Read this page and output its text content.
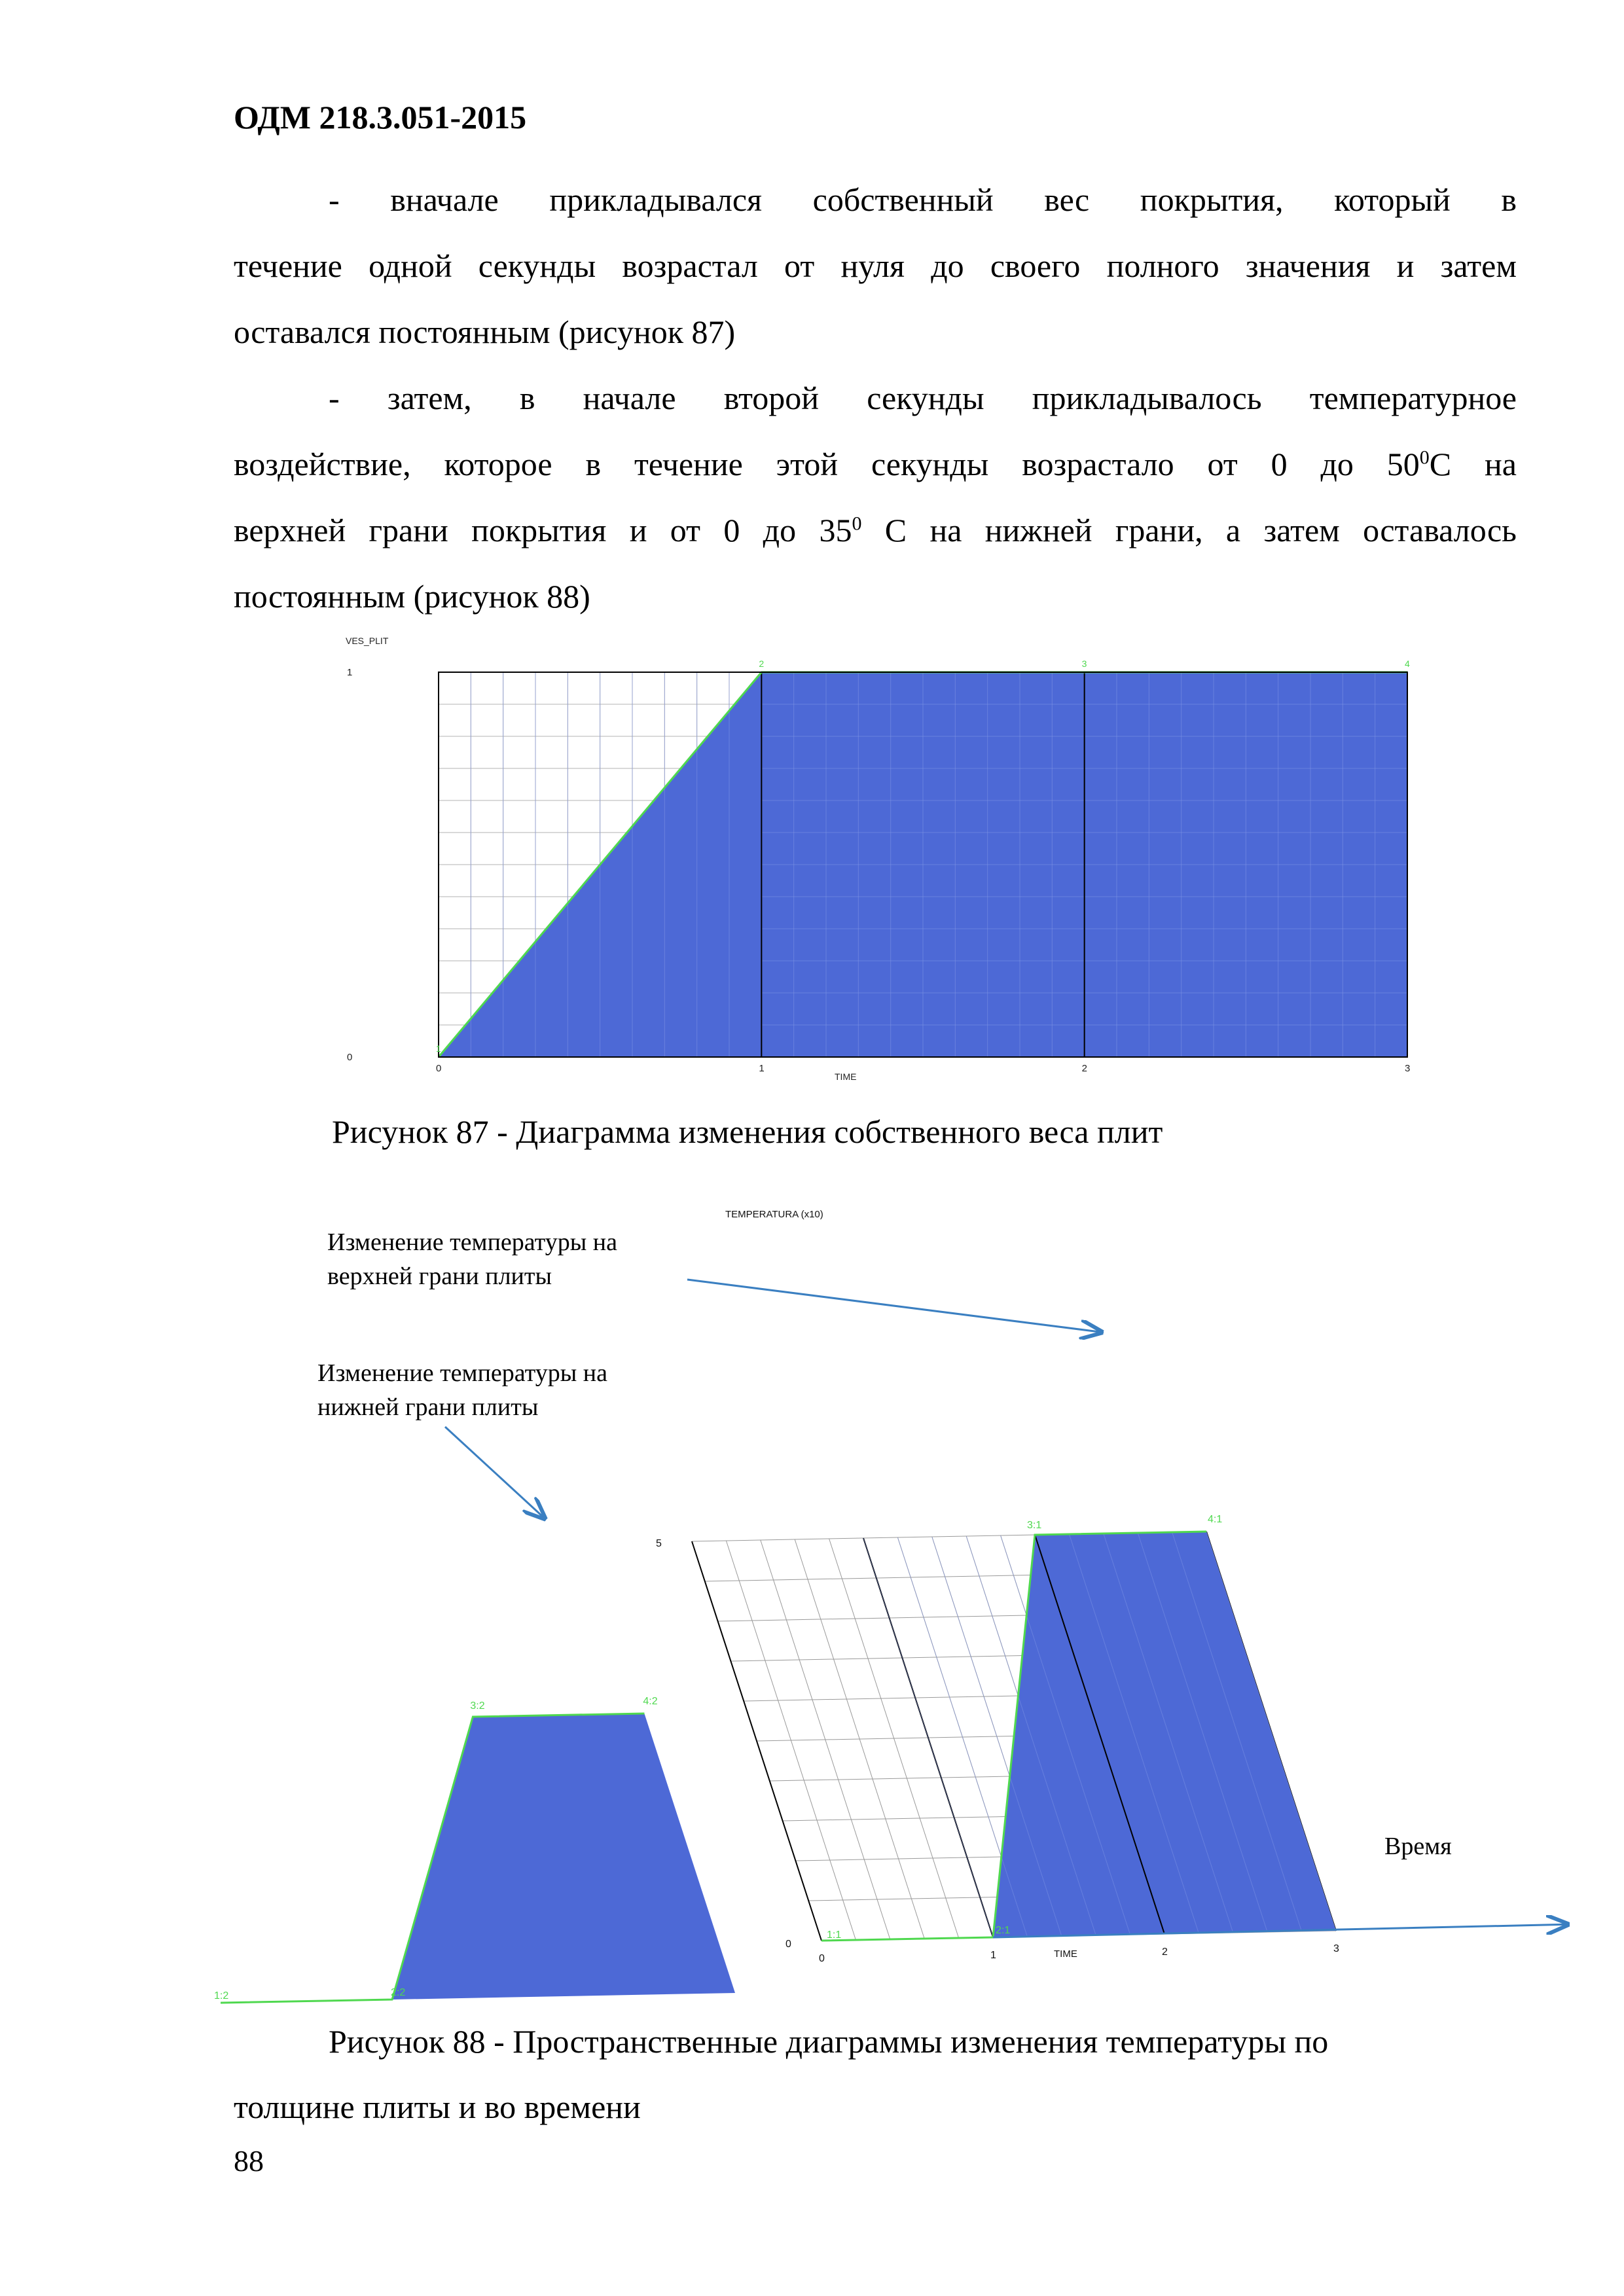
ОДМ 218.3.051-2015
- вначале прикладывался собственный вес покрытия, который в
течение одной секунды возрастал от нуля до своего полного значения и затем
оставался постоянным (рисунок 87)
- затем, в начале второй секунды прикладывалось температурное
воздействие, которое в течение этой секунды возрастало от 0 до $50^0C$ на
верхней грани покрытия и от 0 до $35^0$ С на нижней грани, а затем оставалось
постоянным (рисунок 88)
VES_PLIT
TIME
0	1	2	3
0
1
1
2	3	4
Рисунок 87 - Диаграмма изменения собственного веса плит
TEMPERATURA (x10)
TIME
0	1	2	3
5
0
1:1	2:1
3:1
4:1
1:2	2:2
3:2	4:2
Изменение температуры на
верхней грани плиты
Изменение температуры на
нижней грани плиты
Время
Рисунок 88 - Пространственные диаграммы изменения температуры по
толщине плиты и во времени
88
